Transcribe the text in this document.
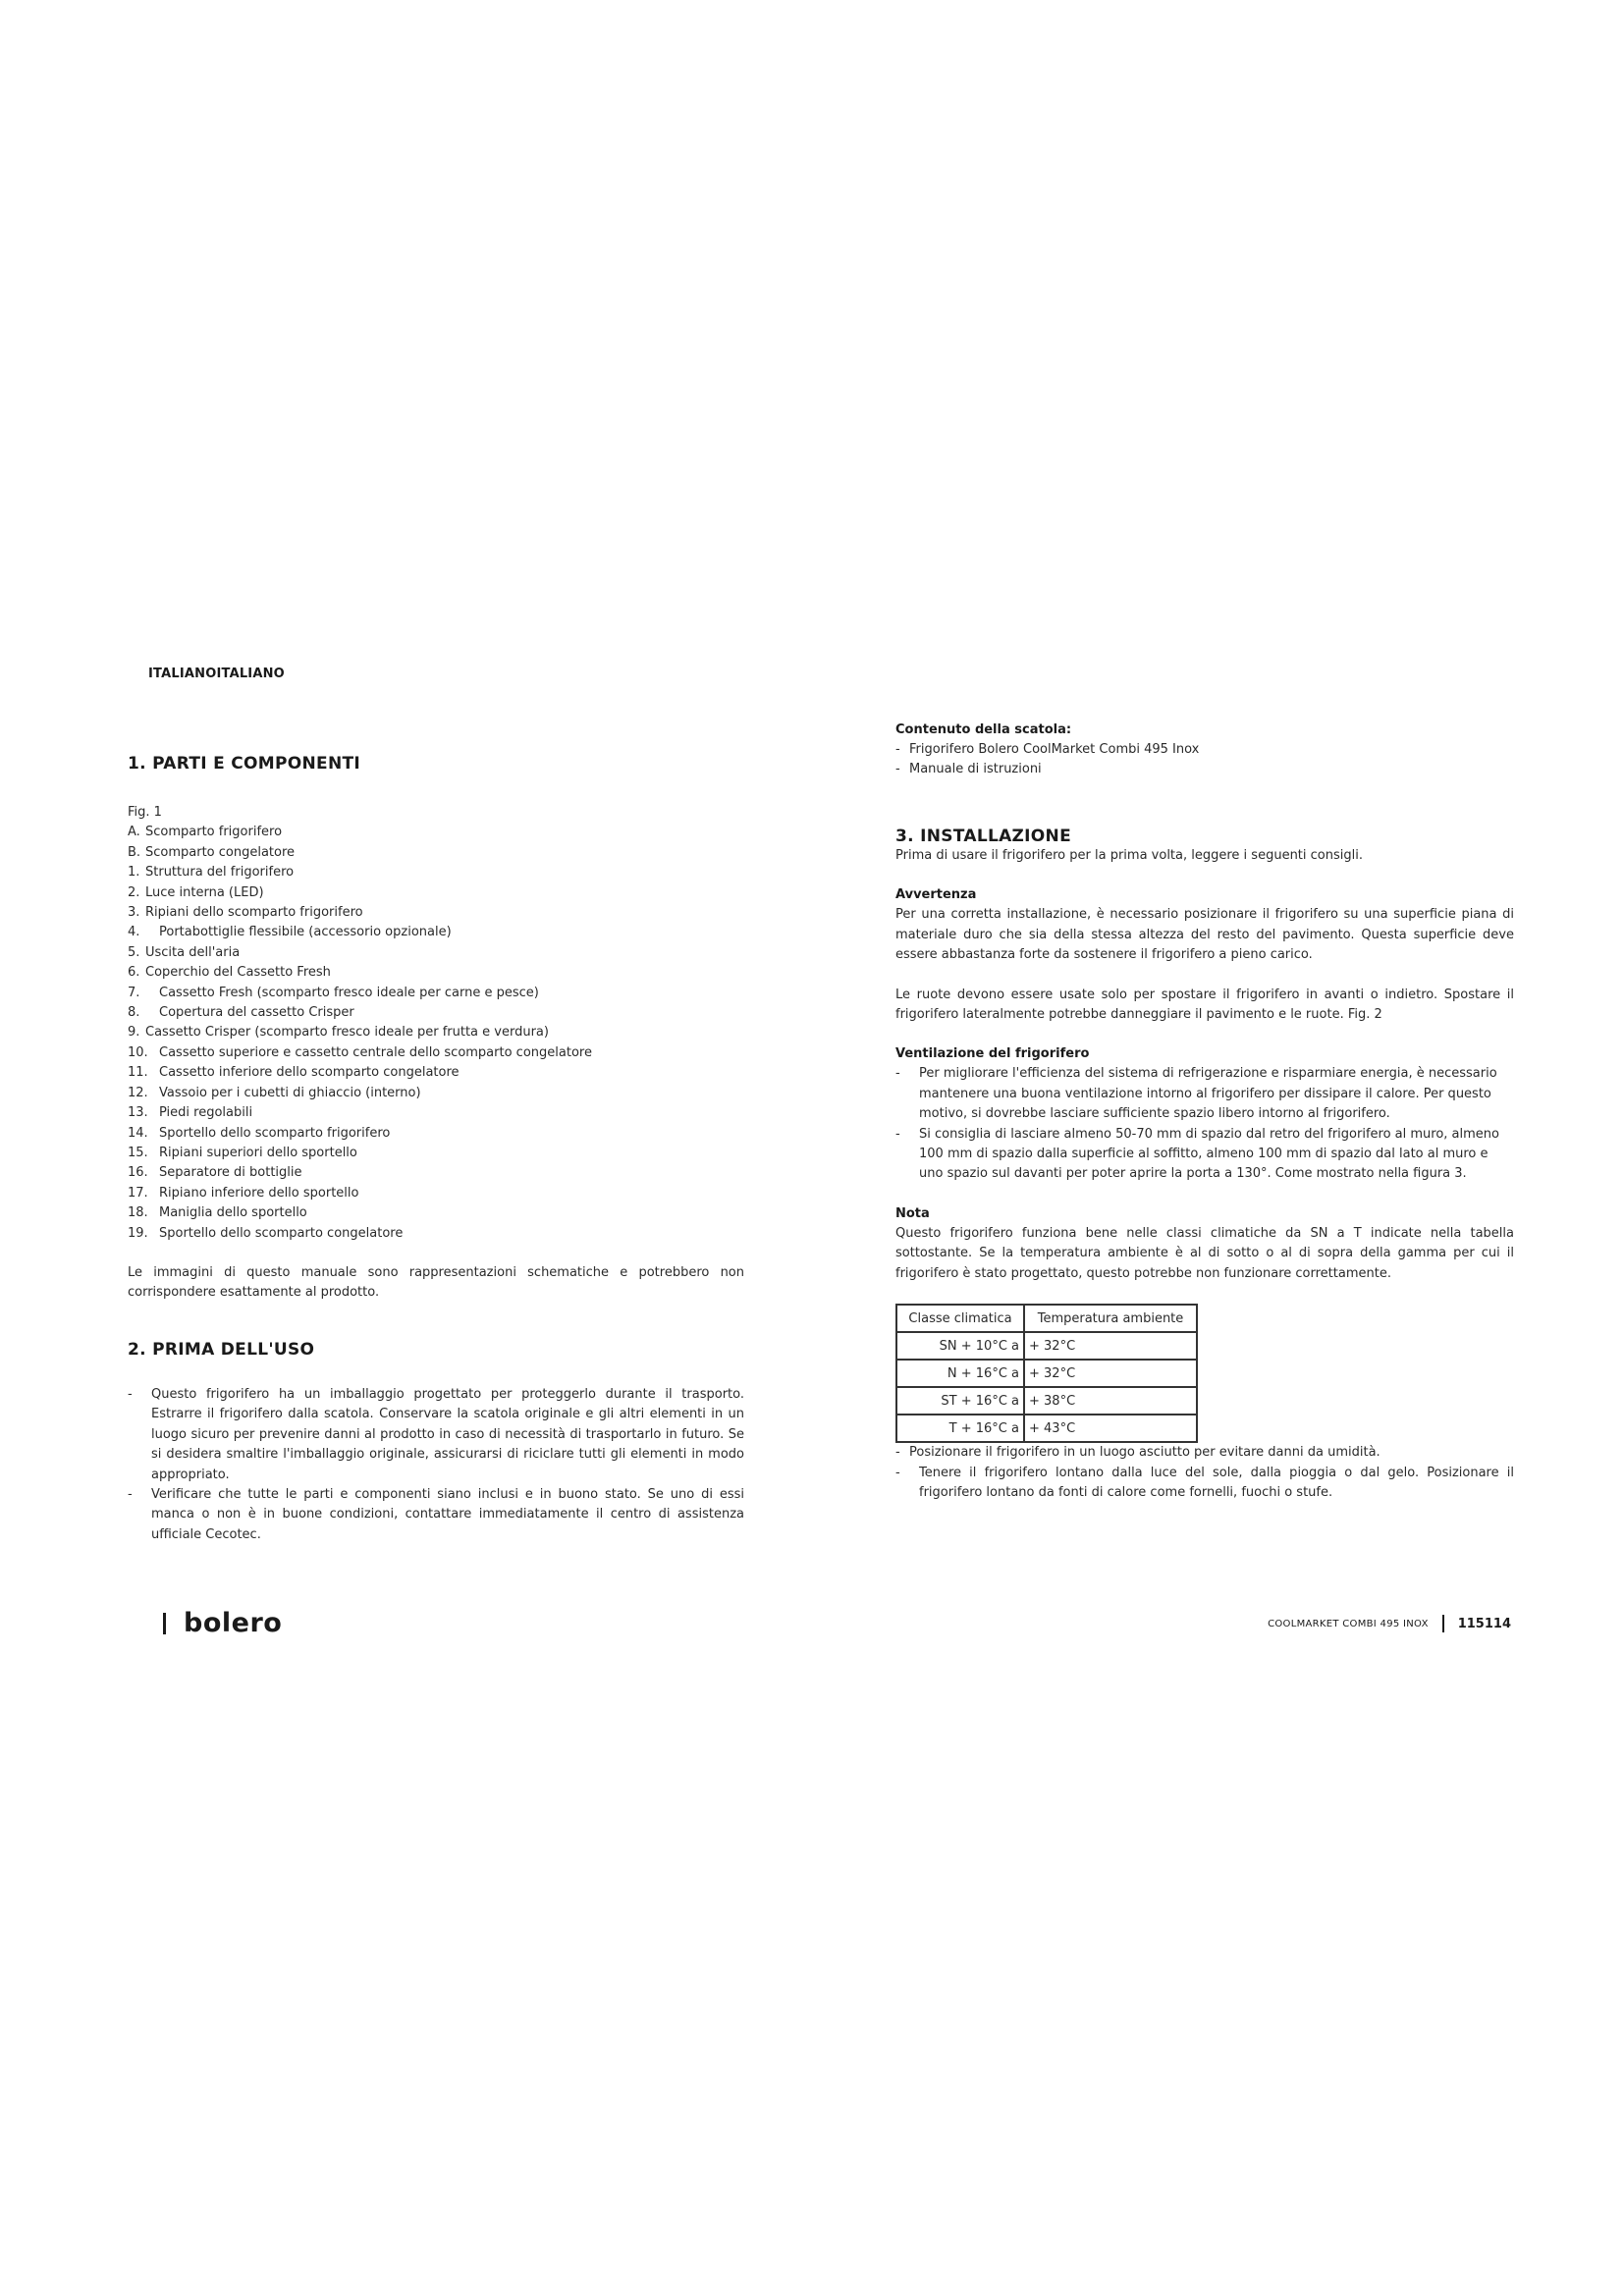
ITALIANOITALIANO
1. PARTI E COMPONENTI
Fig. 1
A. Scomparto frigorifero
B. Scomparto congelatore
1. Struttura del frigorifero
2. Luce interna (LED)
3. Ripiani dello scomparto frigorifero
4. Portabottiglie flessibile (accessorio opzionale)
5. Uscita dell'aria
6. Coperchio del Cassetto Fresh
7. Cassetto Fresh (scomparto fresco ideale per carne e pesce)
8. Copertura del cassetto Crisper
9. Cassetto Crisper (scomparto fresco ideale per frutta e verdura)
10. Cassetto superiore e cassetto centrale dello scomparto congelatore
11. Cassetto inferiore dello scomparto congelatore
12. Vassoio per i cubetti di ghiaccio (interno)
13. Piedi regolabili
14. Sportello dello scomparto frigorifero
15. Ripiani superiori dello sportello
16. Separatore di bottiglie
17. Ripiano inferiore dello sportello
18. Maniglia dello sportello
19. Sportello dello scomparto congelatore
Le immagini di questo manuale sono rappresentazioni schematiche e potrebbero non corrispondere esattamente al prodotto.
2. PRIMA DELL'USO
- Questo frigorifero ha un imballaggio progettato per proteggerlo durante il trasporto. Estrarre il frigorifero dalla scatola. Conservare la scatola originale e gli altri elementi in un luogo sicuro per prevenire danni al prodotto in caso di necessità di trasportarlo in futuro. Se si desidera smaltire l'imballaggio originale, assicurarsi di riciclare tutti gli elementi in modo appropriato.
- Verificare che tutte le parti e componenti siano inclusi e in buono stato. Se uno di essi manca o non è in buone condizioni, contattare immediatamente il centro di assistenza ufficiale Cecotec.
Contenuto della scatola:
- Frigorifero Bolero CoolMarket Combi 495 Inox
- Manuale di istruzioni
3. INSTALLAZIONE
Prima di usare il frigorifero per la prima volta, leggere i seguenti consigli.
Avvertenza
Per una corretta installazione, è necessario posizionare il frigorifero su una superficie piana di materiale duro che sia della stessa altezza del resto del pavimento. Questa superficie deve essere abbastanza forte da sostenere il frigorifero a pieno carico.
Le ruote devono essere usate solo per spostare il frigorifero in avanti o indietro. Spostare il frigorifero lateralmente potrebbe danneggiare il pavimento e le ruote. Fig. 2
Ventilazione del frigorifero
- Per migliorare l'efficienza del sistema di refrigerazione e risparmiare energia, è necessario mantenere una buona ventilazione intorno al frigorifero per dissipare il calore. Per questo motivo, si dovrebbe lasciare sufficiente spazio libero intorno al frigorifero.
- Si consiglia di lasciare almeno 50-70 mm di spazio dal retro del frigorifero al muro, almeno 100 mm di spazio dalla superficie al soffitto, almeno 100 mm di spazio dal lato al muro e uno spazio sul davanti per poter aprire la porta a 130°. Come mostrato nella figura 3.
Nota
Questo frigorifero funziona bene nelle classi climatiche da SN a T indicate nella tabella sottostante. Se la temperatura ambiente è al di sotto o al di sopra della gamma per cui il frigorifero è stato progettato, questo potrebbe non funzionare correttamente.
Classe climatica	Temperatura ambiente
SN + 10°C a	+ 32°C
N + 16°C a	+ 32°C
ST + 16°C a	+ 38°C
T + 16°C a	+ 43°C
- Posizionare il frigorifero in un luogo asciutto per evitare danni da umidità.
- Tenere il frigorifero lontano dalla luce del sole, dalla pioggia o dal gelo. Posizionare il frigorifero lontano da fonti di calore come fornelli, fuochi o stufe.
bolero	COOLMARKET COMBI 495 INOX 115114
